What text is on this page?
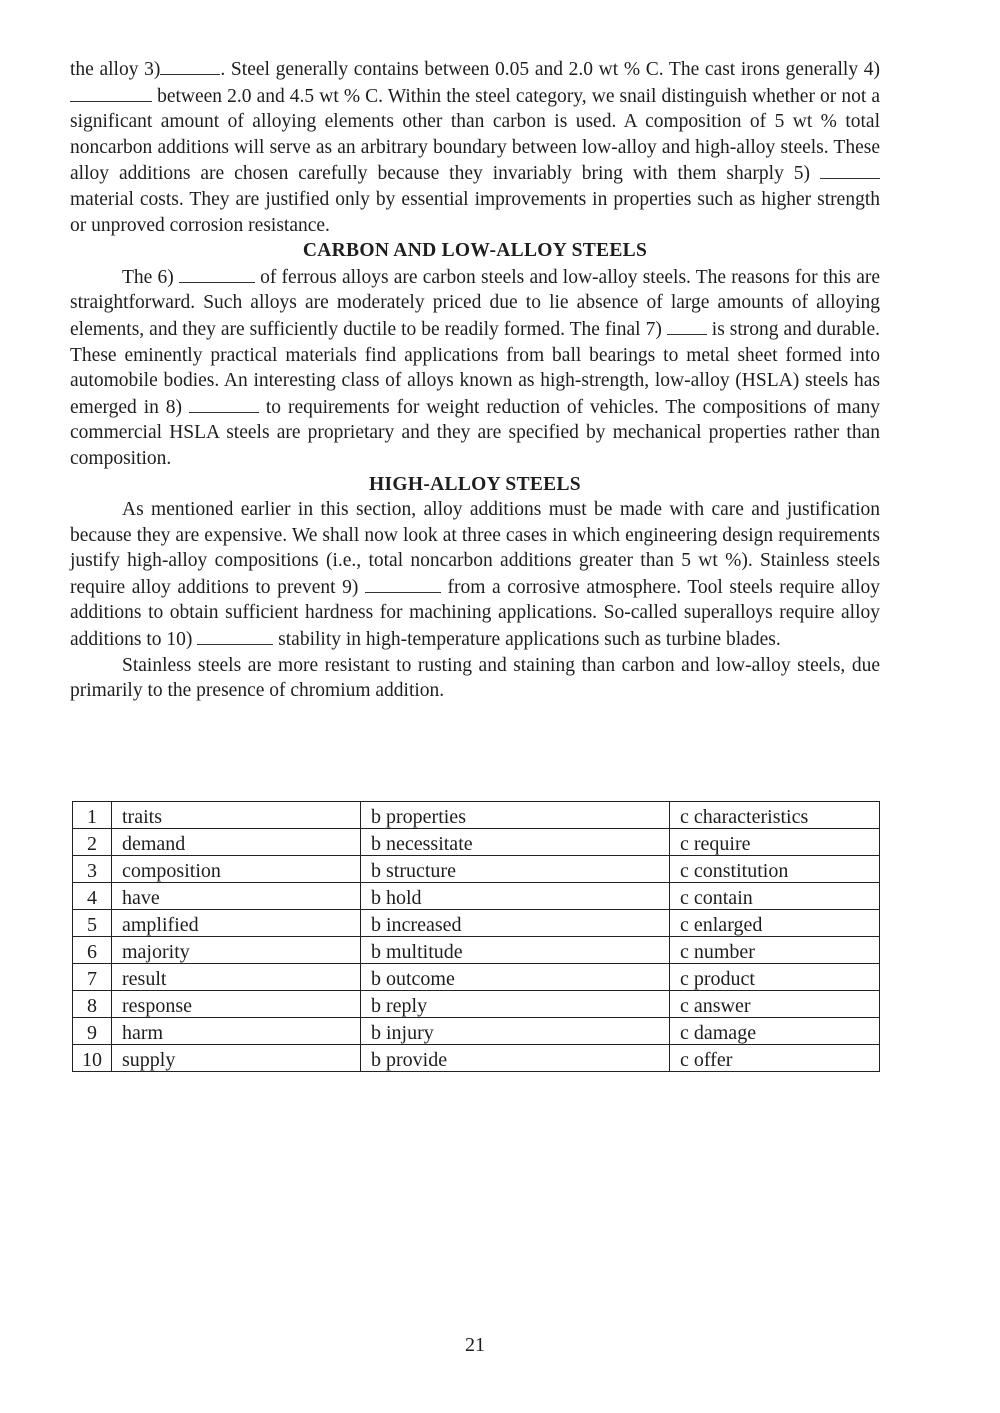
the alloy 3)	. Steel generally contains between 0.05 and 2.0 wt % C. The cast irons generally 4)  between 2.0 and 4.5 wt % C. Within the steel category, we snail distinguish whether or not a significant amount of alloying elements other than carbon is used. A composition of 5 wt % total noncarbon additions will serve as an arbitrary boundary between low-alloy and high-alloy steels. These alloy additions are chosen carefully because they invariably bring with them sharply 5)  material costs. They are justified only by essential improvements in properties such as higher strength or unproved corrosion resistance.

CARBON AND LOW-ALLOY STEELS

The 6)	of ferrous alloys are carbon steels and low-alloy steels. The reasons for this are straightforward. Such alloys are moderately priced due to lie absence of large amounts of alloying elements, and they are sufficiently ductile to be readily formed. The final 7)  is strong and durable. These eminently practical materials find applications from ball bearings to metal sheet formed into automobile bodies. An interesting class of alloys known as high-strength, low-alloy (HSLA) steels has emerged in 8)	to requirements for weight reduction of vehicles. The compositions of many commercial HSLA steels are proprietary and they are specified by mechanical properties rather than composition.

HIGH-ALLOY STEELS

As mentioned earlier in this section, alloy additions must be made with care and justification because they are expensive. We shall now look at three cases in which engineering design requirements justify high-alloy compositions (i.e., total noncarbon additions greater than 5 wt %). Stainless steels require alloy additions to prevent 9)	from a corrosive atmosphere. Tool steels require alloy additions to obtain sufficient hardness for machining applications. So-called superalloys require alloy additions to 10)	stability in high-temperature applications such as turbine blades.

Stainless steels are more resistant to rusting and staining than carbon and low-alloy steels, due primarily to the presence of chromium addition.

1	traits	b properties	c characteristics
2	demand	b necessitate	c require
3	composition	b structure	c constitution
4	have	b hold	c contain
5	amplified	b increased	c enlarged
6	majority	b multitude	c number
7	result	b outcome	c product
8	response	b reply	c answer
9	harm	b injury	c damage
10	supply	b provide	c offer
21
